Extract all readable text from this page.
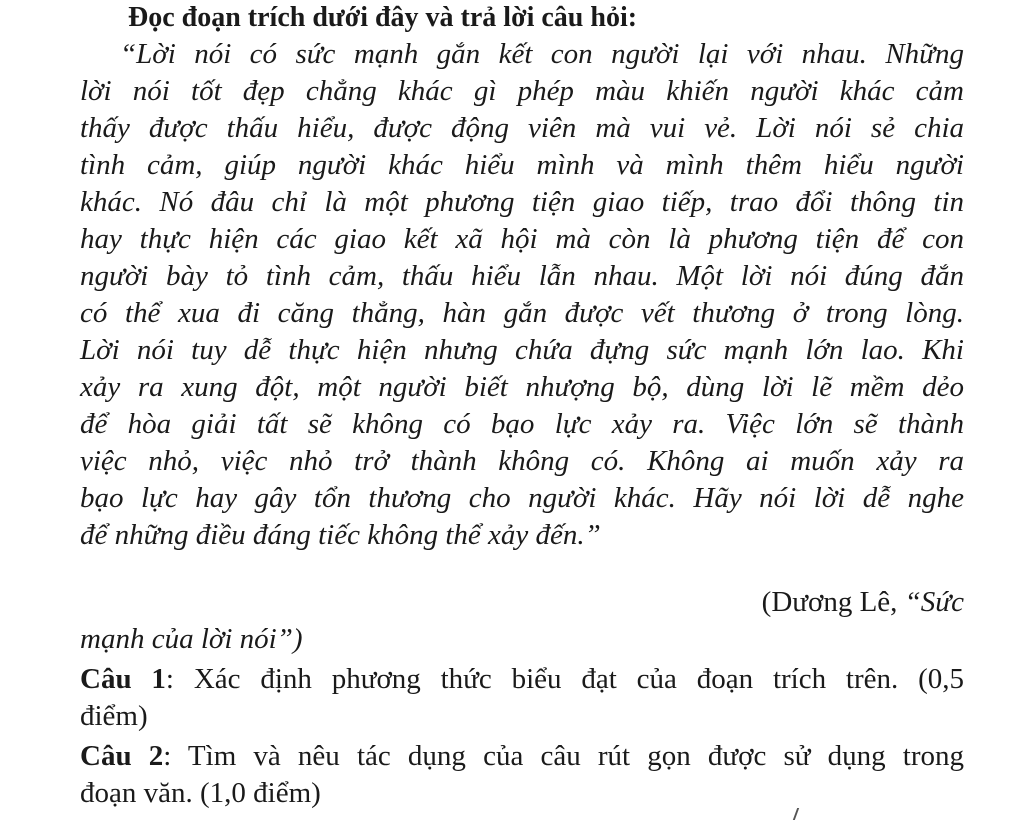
Đọc đoạn trích dưới đây và trả lời câu hỏi:
“Lời nói có sức mạnh gắn kết con người lại với nhau. Những
lời nói tốt đẹp chẳng khác gì phép màu khiến người khác cảm
thấy được thấu hiểu, được động viên mà vui vẻ. Lời nói sẻ chia
tình cảm, giúp người khác hiểu mình và mình thêm hiểu người
khác. Nó đâu chỉ là một phương tiện giao tiếp, trao đổi thông tin
hay thực hiện các giao kết xã hội mà còn là phương tiện để con
người bày tỏ tình cảm, thấu hiểu lẫn nhau. Một lời nói đúng đắn
có thể xua đi căng thẳng, hàn gắn được vết thương ở trong lòng.
Lời nói tuy dễ thực hiện nhưng chứa đựng sức mạnh lớn lao. Khi
xảy ra xung đột, một người biết nhượng bộ, dùng lời lẽ mềm dẻo
để hòa giải tất sẽ không có bạo lực xảy ra. Việc lớn sẽ thành
việc nhỏ, việc nhỏ trở thành không có. Không ai muốn xảy ra
bạo lực hay gây tổn thương cho người khác. Hãy nói lời dễ nghe
để những điều đáng tiếc không thể xảy đến.”
(Dương Lê, “Sức
mạnh của lời nói”)
Câu 1: Xác định phương thức biểu đạt của đoạn trích trên. (0,5
điểm)
Câu 2: Tìm và nêu tác dụng của câu rút gọn được sử dụng trong
đoạn văn. (1,0 điểm)
